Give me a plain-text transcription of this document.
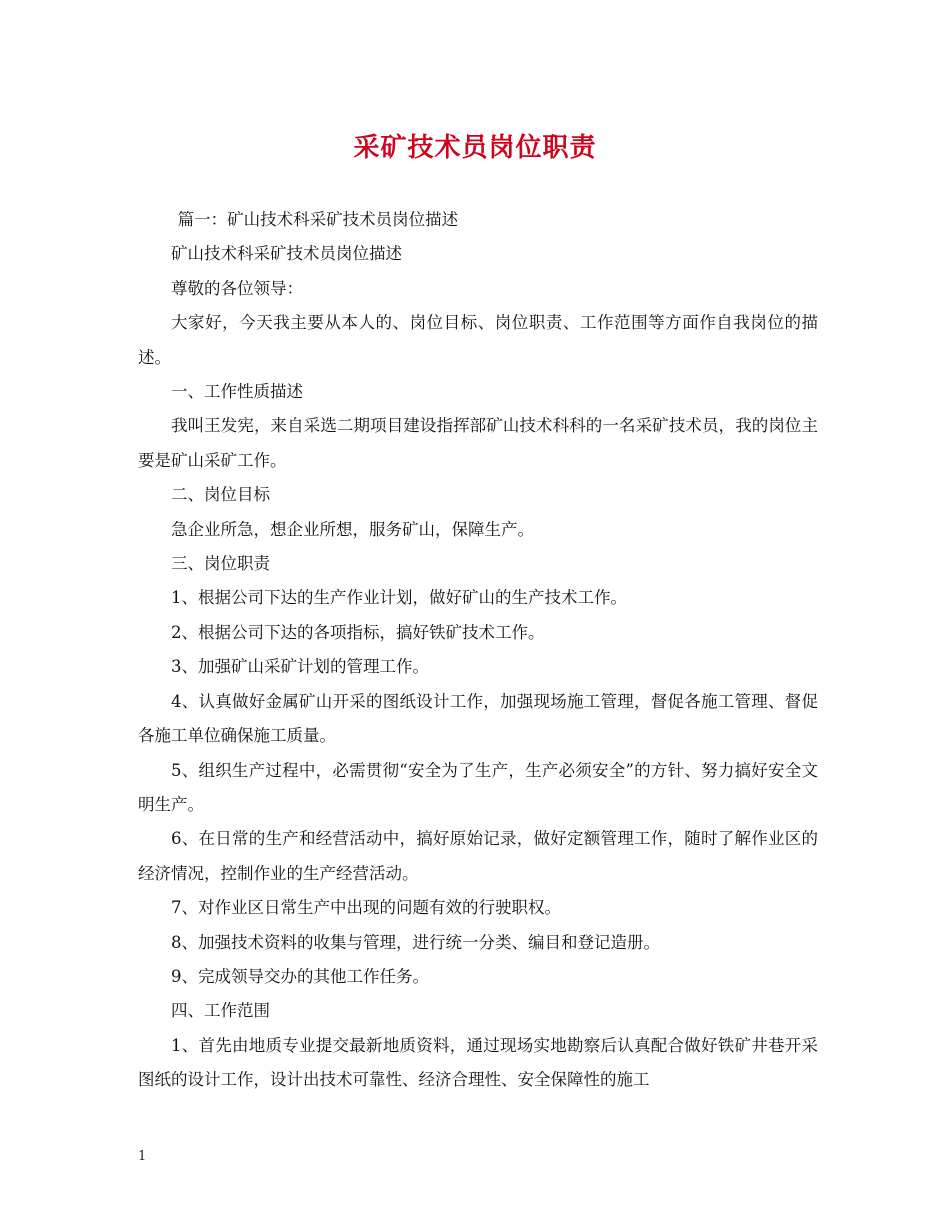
采矿技术员岗位职责

篇一：矿山技术科采矿技术员岗位描述

矿山技术科采矿技术员岗位描述

尊敬的各位领导：

大家好，今天我主要从本人的、岗位目标、岗位职责、工作范围等方面作自我岗位的描述。

一、工作性质描述

我叫王发宪，来自采选二期项目建设指挥部矿山技术科科的一名采矿技术员，我的岗位主要是矿山采矿工作。

二、岗位目标

急企业所急，想企业所想，服务矿山，保障生产。

三、岗位职责

1、根据公司下达的生产作业计划，做好矿山的生产技术工作。

2、根据公司下达的各项指标，搞好铁矿技术工作。

3、加强矿山采矿计划的管理工作。

4、认真做好金属矿山开采的图纸设计工作，加强现场施工管理，督促各施工管理、督促各施工单位确保施工质量。

5、组织生产过程中，必需贯彻“安全为了生产，生产必须安全”的方针、努力搞好安全文明生产。

6、在日常的生产和经营活动中，搞好原始记录，做好定额管理工作，随时了解作业区的经济情况，控制作业的生产经营活动。

7、对作业区日常生产中出现的问题有效的行驶职权。

8、加强技术资料的收集与管理，进行统一分类、编目和登记造册。

9、完成领导交办的其他工作任务。

四、工作范围

1、首先由地质专业提交最新地质资料，通过现场实地勘察后认真配合做好铁矿井巷开采图纸的设计工作，设计出技术可靠性、经济合理性、安全保障性的施工

1
